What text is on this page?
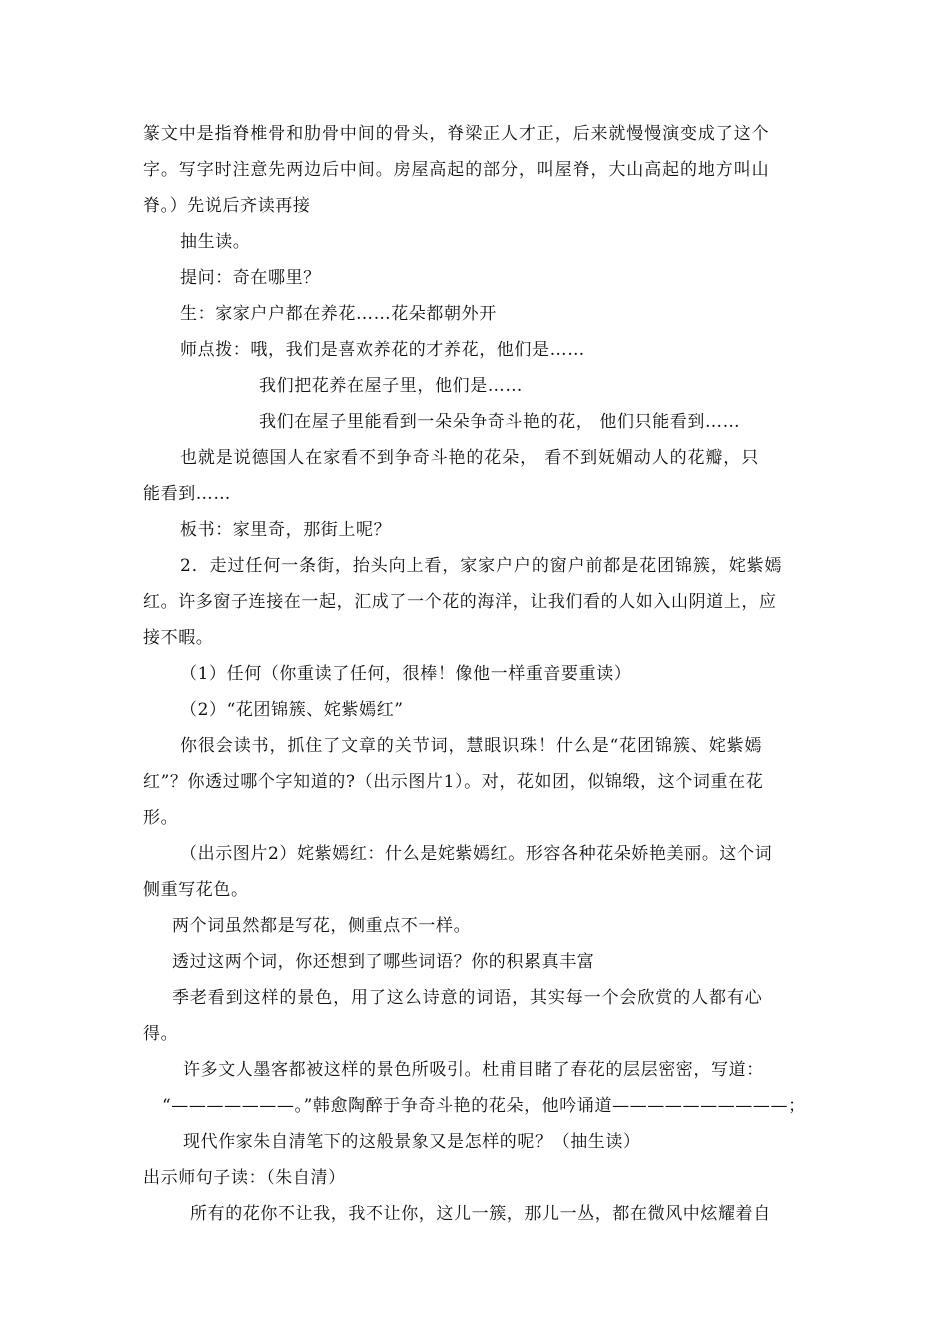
篆文中是指脊椎骨和肋骨中间的骨头，脊梁正人才正，后来就慢慢演变成了这个
字。写字时注意先两边后中间。房屋高起的部分，叫屋脊，大山高起的地方叫山
脊。）先说后齐读再接
抽生读。
提问：奇在哪里？
生：家家户户都在养花……花朵都朝外开
师点拨：哦，我们是喜欢养花的才养花，他们是……
我们把花养在屋子里，他们是……
我们在屋子里能看到一朵朵争奇斗艳的花， 他们只能看到……
也就是说德国人在家看不到争奇斗艳的花朵， 看不到妩媚动人的花瓣，只
能看到……
板书：家里奇，那街上呢？
2．走过任何一条街，抬头向上看，家家户户的窗户前都是花团锦簇，姹紫嫣
红。许多窗子连接在一起，汇成了一个花的海洋，让我们看的人如入山阴道上，应
接不暇。
（1）任何（你重读了任何，很棒！像他一样重音要重读）
（2）“花团锦簇、姹紫嫣红”
你很会读书，抓住了文章的关节词，慧眼识珠！什么是“花团锦簇、姹紫嫣
红”？你透过哪个字知道的?（出示图片1）。对，花如团，似锦缎，这个词重在花
形。
（出示图片2）姹紫嫣红：什么是姹紫嫣红。形容各种花朵娇艳美丽。这个词
侧重写花色。
两个词虽然都是写花，侧重点不一样。
透过这两个词，你还想到了哪些词语？你的积累真丰富
季老看到这样的景色，用了这么诗意的词语，其实每一个会欣赏的人都有心
得。
许多文人墨客都被这样的景色所吸引。杜甫目睹了春花的层层密密，写道：
“———————。”韩愈陶醉于争奇斗艳的花朵，他吟诵道——————————；
现代作家朱自清笔下的这般景象又是怎样的呢？（抽生读）
出示师句子读：（朱自清）
所有的花你不让我，我不让你，这儿一簇，那儿一丛，都在微风中炫耀着自
